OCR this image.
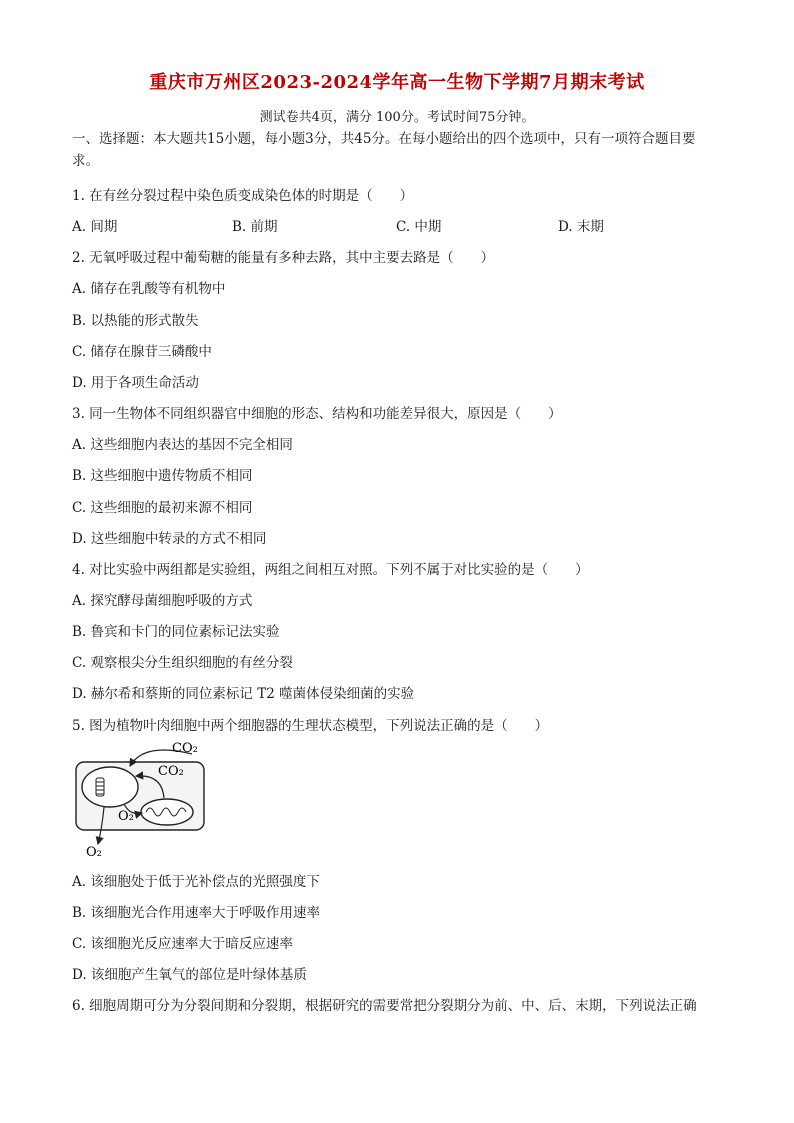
重庆市万州区2023-2024学年高一生物下学期7月期末考试
测试卷共4页，满分 100分。考试时间75分钟。
一、选择题：本大题共15小题，每小题3分，共45分。在每小题给出的四个选项中，只有一项符合题目要求。
1. 在有丝分裂过程中染色质变成染色体的时期是（　　）
A. 间期	B. 前期	C. 中期	D. 末期
2. 无氧呼吸过程中葡萄糖的能量有多种去路，其中主要去路是（　　）
A. 储存在乳酸等有机物中
B. 以热能的形式散失
C. 储存在腺苷三磷酸中
D. 用于各项生命活动
3. 同一生物体不同组织器官中细胞的形态、结构和功能差异很大，原因是（　　）
A. 这些细胞内表达的基因不完全相同
B. 这些细胞中遗传物质不相同
C. 这些细胞的最初来源不相同
D. 这些细胞中转录的方式不相同
4. 对比实验中两组都是实验组，两组之间相互对照。下列不属于对比实验的是（　　）
A. 探究酵母菌细胞呼吸的方式
B. 鲁宾和卡门的同位素标记法实验
C. 观察根尖分生组织细胞的有丝分裂
D. 赫尔希和蔡斯的同位素标记 T2 噬菌体侵染细菌的实验
5. 图为植物叶肉细胞中两个细胞器的生理状态模型，下列说法正确的是（　　）
CO₂
CO₂
O₂
O₂
A. 该细胞处于低于光补偿点的光照强度下
B. 该细胞光合作用速率大于呼吸作用速率
C. 该细胞光反应速率大于暗反应速率
D. 该细胞产生氧气的部位是叶绿体基质
6. 细胞周期可分为分裂间期和分裂期，根据研究的需要常把分裂期分为前、中、后、末期，下列说法正确
